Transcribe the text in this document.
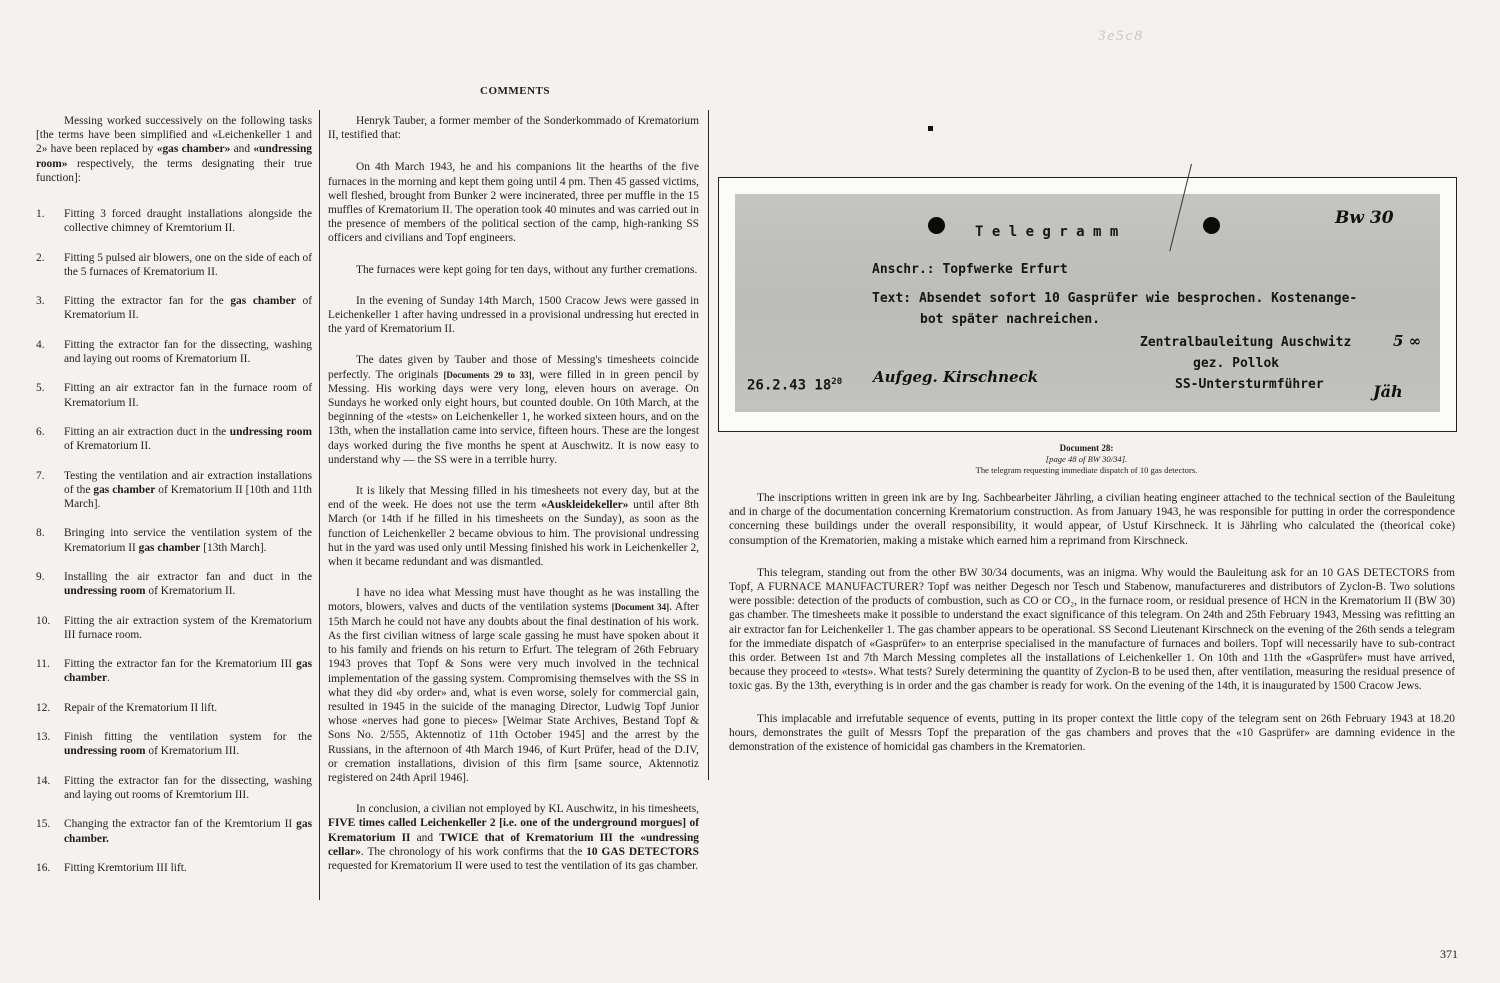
3e5c8
COMMENTS

Messing worked successively on the following tasks [the terms have been simplified and «Leichenkeller 1 and 2» have been replaced by «gas chamber» and «undressing room» respectively, the terms designating their true function]:

1.	Fitting 3 forced draught installations alongside the collective chimney of Kremtorium II.
2.	Fitting 5 pulsed air blowers, one on the side of each of the 5 furnaces of Krematorium II.
3.	Fitting the extractor fan for the gas chamber of Krematorium II.
4.	Fitting the extractor fan for the dissecting, washing and laying out rooms of Krematorium II.
5.	Fitting an air extractor fan in the furnace room of Krematorium II.
6.	Fitting an air extraction duct in the undressing room of Krematorium II.
7.	Testing the ventilation and air extraction installations of the gas chamber of Krematorium II [10th and 11th March].
8.	Bringing into service the ventilation system of the Krematorium II gas chamber [13th March].
9.	Installing the air extractor fan and duct in the undressing room of Krematorium II.
10.	Fitting the air extraction system of the Krematorium III furnace room.
11.	Fitting the extractor fan for the Krematorium III gas chamber.
12.	Repair of the Krematorium II lift.
13.	Finish fitting the ventilation system for the undressing room of Krematorium III.
14.	Fitting the extractor fan for the dissecting, washing and laying out rooms of Kremtorium III.
15.	Changing the extractor fan of the Kremtorium II gas chamber.
16.	Fitting Kremtorium III lift.

Henryk Tauber, a former member of the Sonderkommado of Krematorium II, testified that:

On 4th March 1943, he and his companions lit the hearths of the five furnaces in the morning and kept them going until 4 pm. Then 45 gassed victims, well fleshed, brought from Bunker 2 were incinerated, three per muffle in the 15 muffles of Krematorium II. The operation took 40 minutes and was carried out in the presence of members of the political section of the camp, high-ranking SS officers and civilians and Topf engineers.

The furnaces were kept going for ten days, without any further cremations.

In the evening of Sunday 14th March, 1500 Cracow Jews were gassed in Leichenkeller 1 after having undressed in a provisional undressing hut erected in the yard of Krematorium II.

The dates given by Tauber and those of Messing's timesheets coincide perfectly. The originals [Documents 29 to 33], were filled in in green pencil by Messing. His working days were very long, eleven hours on average. On Sundays he worked only eight hours, but counted double. On 10th March, at the beginning of the «tests» on Leichenkeller 1, he worked sixteen hours, and on the 13th, when the installation came into service, fifteen hours. These are the longest days worked during the five months he spent at Auschwitz. It is now easy to understand why — the SS were in a terrible hurry.

It is likely that Messing filled in his timesheets not every day, but at the end of the week. He does not use the term «Auskleidekeller» until after 8th March (or 14th if he filled in his timesheets on the Sunday), as soon as the function of Leichenkeller 2 became obvious to him. The provisional undressing hut in the yard was used only until Messing finished his work in Leichenkeller 2, when it became redundant and was dismantled.

I have no idea what Messing must have thought as he was installing the motors, blowers, valves and ducts of the ventilation systems [Document 34]. After 15th March he could not have any doubts about the final destination of his work. As the first civilian witness of large scale gassing he must have spoken about it to his family and friends on his return to Erfurt. The telegram of 26th February 1943 proves that Topf & Sons were very much involved in the technical implementation of the gassing system. Compromising themselves with the SS in what they did «by order» and, what is even worse, solely for commercial gain, resulted in 1945 in the suicide of the managing Director, Ludwig Topf Junior whose «nerves had gone to pieces» [Weimar State Archives, Bestand Topf & Sons No. 2/555, Aktennotiz of 11th October 1945] and the arrest by the Russians, in the afternoon of 4th March 1946, of Kurt Prüfer, head of the D.IV, or cremation installations, division of this firm [same source, Aktennotiz registered on 24th April 1946].

In conclusion, a civilian not employed by KL Auschwitz, in his timesheets, FIVE times called Leichenkeller 2 [i.e. one of the underground morgues] of Krematorium II and TWICE that of Krematorium III the «undressing cellar». The chronology of his work confirms that the 10 GAS DETECTORS requested for Krematorium II were used to test the ventilation of its gas chamber.

T e l e g r a m m
Bw 30
Anschr.: Topfwerke Erfurt
Text: Absendet sofort 10 Gasprüfer wie besprochen. Kostenange-
bot später nachreichen.
Zentralbauleitung Auschwitz	5 ∞
gez. Pollok
26.2.43 $18^{20}$ Aufgeg. Kirschneck	SS-Untersturmführer	Jäh
Document 28:
[page 48 of BW 30/34].
The telegram requesting immediate dispatch of 10 gas detectors.

The inscriptions written in green ink are by Ing. Sachbearbeiter Jährling, a civilian heating engineer attached to the technical section of the Bauleitung and in charge of the documentation concerning Krematorium construction. As from January 1943, he was responsible for putting in order the correspondence concerning these buildings under the overall responsibility, it would appear, of Ustuf Kirschneck. It is Jährling who calculated the (theorical coke) consumption of the Krematorien, making a mistake which earned him a reprimand from Kirschneck.

This telegram, standing out from the other BW 30/34 documents, was an inigma. Why would the Bauleitung ask for an 10 GAS DETECTORS from Topf, A FURNACE MANUFACTURER? Topf was neither Degesch nor Tesch und Stabenow, manufactureres and distributors of Zyclon-B. Two solutions were possible: detection of the products of combustion, such as CO or CO₂, in the furnace room, or residual presence of HCN in the Krematorium II (BW 30) gas chamber. The timesheets make it possible to understand the exact significance of this telegram. On 24th and 25th February 1943, Messing was refitting an air extractor fan for Leichenkeller 1. The gas chamber appears to be operational. SS Second Lieutenant Kirschneck on the evening of the 26th sends a telegram for the immediate dispatch of «Gasprüfer» to an enterprise specialised in the manufacture of furnaces and boilers. Topf will necessarily have to sub-contract this order. Between 1st and 7th March Messing completes all the installations of Leichenkeller 1. On 10th and 11th the «Gasprüfer» must have arrived, because they proceed to «tests». What tests? Surely determining the quantity of Zyclon-B to be used then, after ventilation, measuring the residual presence of toxic gas. By the 13th, everything is in order and the gas chamber is ready for work. On the evening of the 14th, it is inaugurated by 1500 Cracow Jews.

This implacable and irrefutable sequence of events, putting in its proper context the little copy of the telegram sent on 26th February 1943 at 18.20 hours, demonstrates the guilt of Messrs Topf the preparation of the gas chambers and proves that the «10 Gasprüfer» are damning evidence in the demonstration of the existence of homicidal gas chambers in the Krematorien.

371
